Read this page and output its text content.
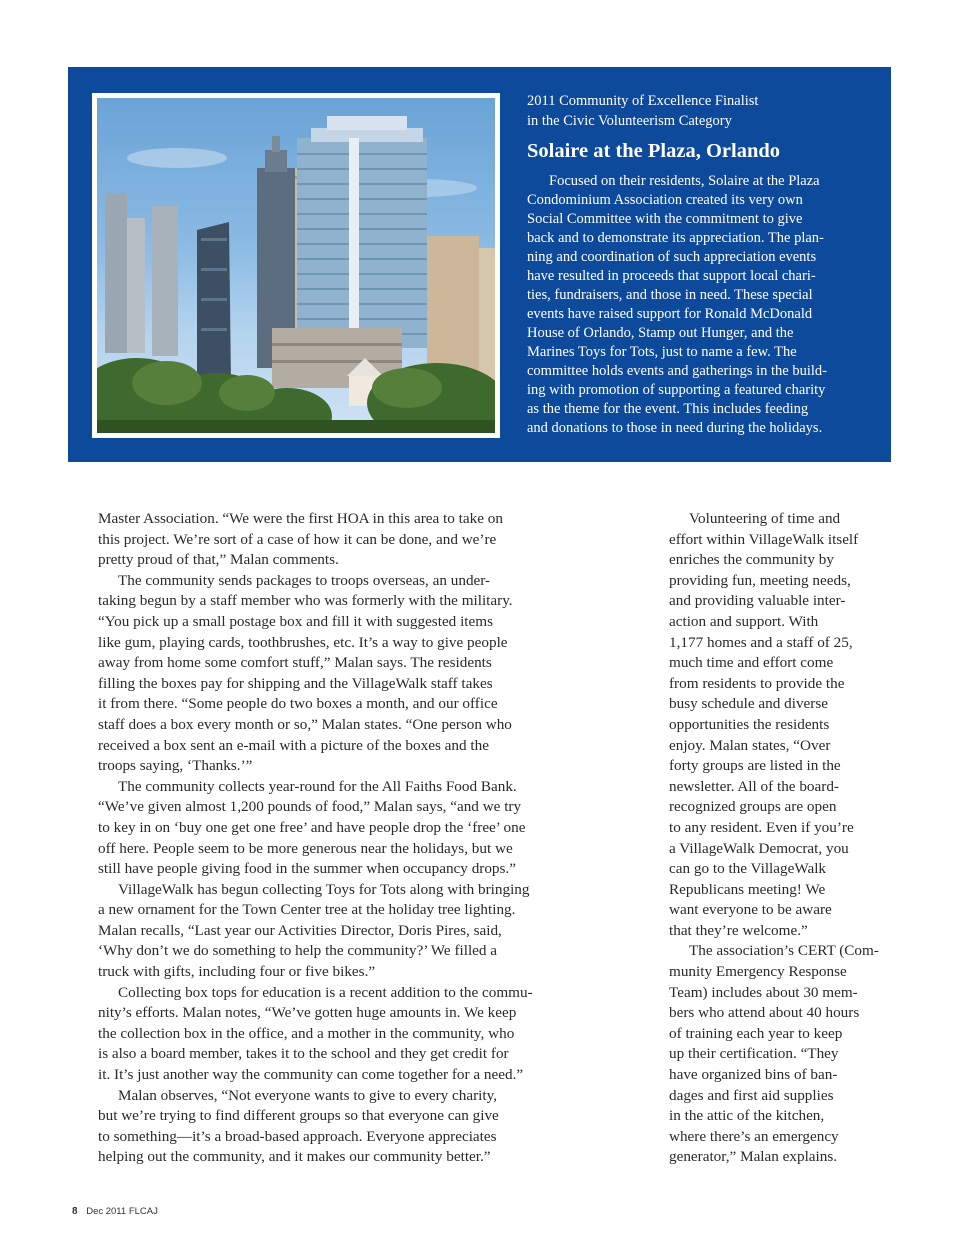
2011 Community of Excellence Finalist
in the Civic Volunteerism Category
Solaire at the Plaza, Orlando
Focused on their residents, Solaire at the Plaza
Condominium Association created its very own
Social Committee with the commitment to give
back and to demonstrate its appreciation. The plan-
ning and coordination of such appreciation events
have resulted in proceeds that support local chari-
ties, fundraisers, and those in need. These special
events have raised support for Ronald McDonald
House of Orlando, Stamp out Hunger, and the
Marines Toys for Tots, just to name a few. The
committee holds events and gatherings in the build-
ing with promotion of supporting a featured charity
as the theme for the event. This includes feeding
and donations to those in need during the holidays.
Master Association. “We were the first HOA in this area to take on
this project. We’re sort of a case of how it can be done, and we’re
pretty proud of that,” Malan comments.
The community sends packages to troops overseas, an under-
taking begun by a staff member who was formerly with the military.
“You pick up a small postage box and fill it with suggested items
like gum, playing cards, toothbrushes, etc. It’s a way to give people
away from home some comfort stuff,” Malan says. The residents
filling the boxes pay for shipping and the VillageWalk staff takes
it from there. “Some people do two boxes a month, and our office
staff does a box every month or so,” Malan states. “One person who
received a box sent an e-mail with a picture of the boxes and the
troops saying, ‘Thanks.’”
The community collects year-round for the All Faiths Food Bank.
“We’ve given almost 1,200 pounds of food,” Malan says, “and we try
to key in on ‘buy one get one free’ and have people drop the ‘free’ one
off here. People seem to be more generous near the holidays, but we
still have people giving food in the summer when occupancy drops.”
VillageWalk has begun collecting Toys for Tots along with bringing
a new ornament for the Town Center tree at the holiday tree lighting.
Malan recalls, “Last year our Activities Director, Doris Pires, said,
‘Why don’t we do something to help the community?’ We filled a
truck with gifts, including four or five bikes.”
Collecting box tops for education is a recent addition to the commu-
nity’s efforts. Malan notes, “We’ve gotten huge amounts in. We keep
the collection box in the office, and a mother in the community, who
is also a board member, takes it to the school and they get credit for
it. It’s just another way the community can come together for a need.”
Malan observes, “Not everyone wants to give to every charity,
but we’re trying to find different groups so that everyone can give
to something—it’s a broad-based approach. Everyone appreciates
helping out the community, and it makes our community better.”
Volunteering of time and
effort within VillageWalk itself
enriches the community by
providing fun, meeting needs,
and providing valuable inter-
action and support. With
1,177 homes and a staff of 25,
much time and effort come
from residents to provide the
busy schedule and diverse
opportunities the residents
enjoy. Malan states, “Over
forty groups are listed in the
newsletter. All of the board-
recognized groups are open
to any resident. Even if you’re
a VillageWalk Democrat, you
can go to the VillageWalk
Republicans meeting! We
want everyone to be aware
that they’re welcome.”
The association’s CERT (Com-
munity Emergency Response
Team) includes about 30 mem-
bers who attend about 40 hours
of training each year to keep
up their certification. “They
have organized bins of ban-
dages and first aid supplies
in the attic of the kitchen,
where there’s an emergency
generator,” Malan explains.
8 Dec 2011 FLCAJ
